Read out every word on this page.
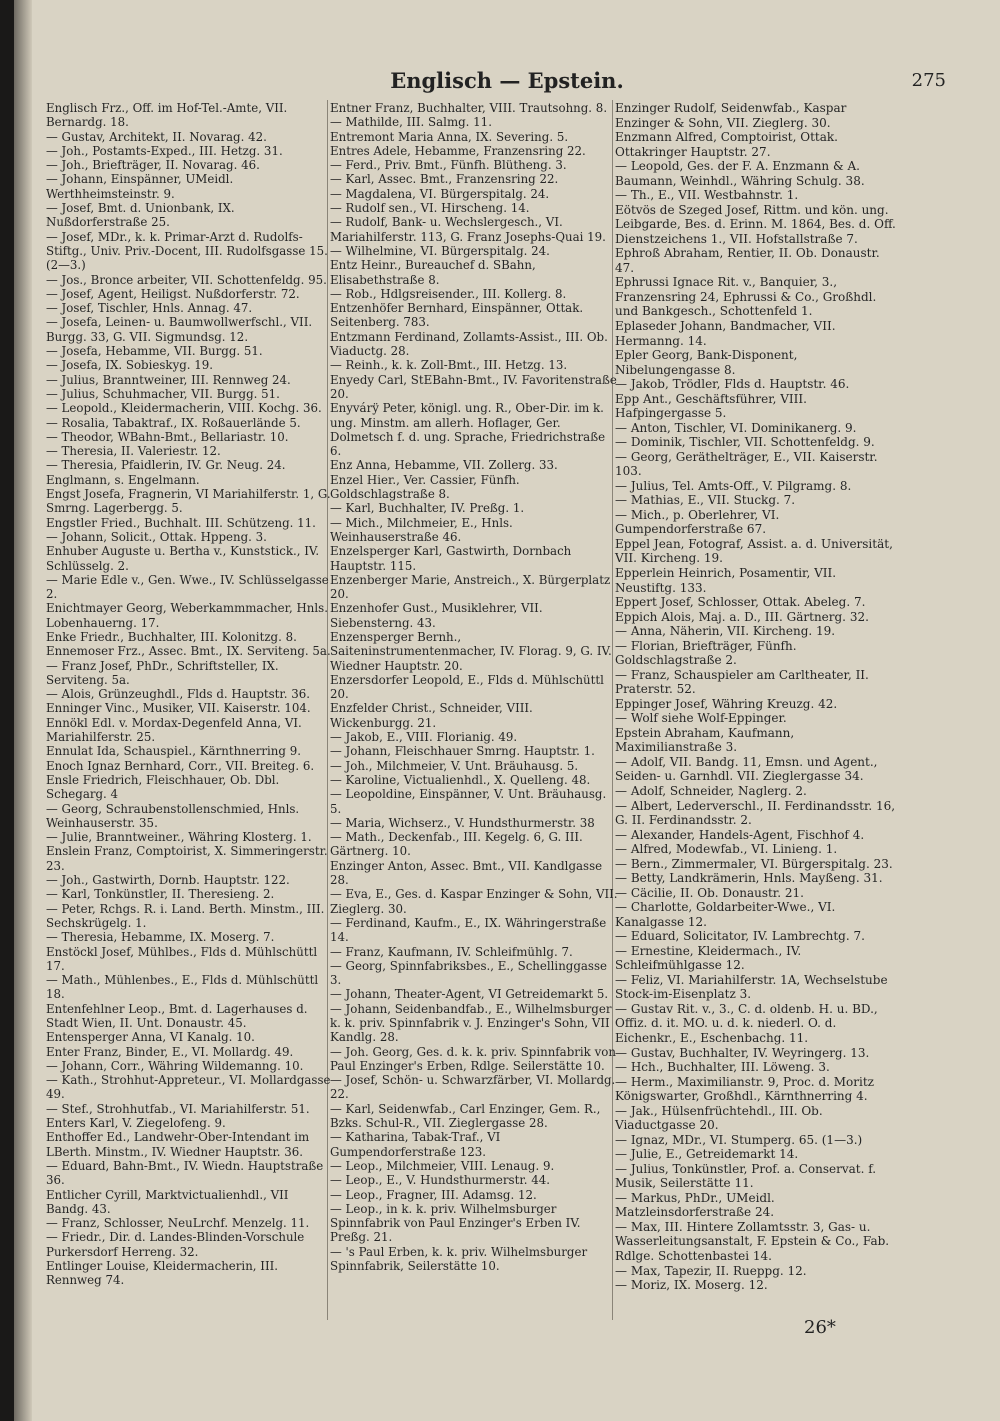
Englisch — Epstein.	275

Englisch Frz., Off. im Hof-Tel.-Amte, VII. Bernardg. 18.

— Gustav, Architekt, II. Novarag. 42.

— Joh., Postamts-Exped., III. Hetzg. 31.

— Joh., Briefträger, II. Novarag. 46.

— Johann, Einspänner, UMeidl. Werthheimsteinstr. 9.

— Josef, Bmt. d. Unionbank, IX. Nußdorferstraße 25.

— Josef, MDr., k. k. Primar-Arzt d. Rudolfs-Stiftg., Univ. Priv.-Docent, III. Rudolfsgasse 15. (2—3.)

— Jos., Bronce arbeiter, VII. Schottenfeldg. 95.

— Josef, Agent, Heiligst. Nußdorferstr. 72.

— Josef, Tischler, Hnls. Annag. 47.

— Josefa, Leinen- u. Baumwollwerfschl., VII. Burgg. 33, G. VII. Sigmundsg. 12.

— Josefa, Hebamme, VII. Burgg. 51.

— Josefa, IX. Sobieskyg. 19.

— Julius, Branntweiner, III. Rennweg 24.

— Julius, Schuhmacher, VII. Burgg. 51.

— Leopold., Kleidermacherin, VIII. Kochg. 36.

— Rosalia, Tabaktraf., IX. Roßauerlände 5.

— Theodor, WBahn-Bmt., Bellariastr. 10.

— Theresia, II. Valeriestr. 12.

— Theresia, Pfaidlerin, IV. Gr. Neug. 24.

Englmann, s. Engelmann.

Engst Josefa, Fragnerin, VI Mariahilferstr. 1, G. Smrng. Lagerbergg. 5.

Engstler Fried., Buchhalt. III. Schützeng. 11.

— Johann, Solicit., Ottak. Hppeng. 3.

Enhuber Auguste u. Bertha v., Kunststick., IV. Schlüsselg. 2.

— Marie Edle v., Gen. Wwe., IV. Schlüsselgasse 2.

Enichtmayer Georg, Weberkammmacher, Hnls. Lobenhauerng. 17.

Enke Friedr., Buchhalter, III. Kolonitzg. 8.

Ennemoser Frz., Assec. Bmt., IX. Serviteng. 5a.

— Franz Josef, PhDr., Schriftsteller, IX. Serviteng. 5a.

— Alois, Grünzeughdl., Flds d. Hauptstr. 36.

Enninger Vinc., Musiker, VII. Kaiserstr. 104.

Ennökl Edl. v. Mordax-Degenfeld Anna, VI. Mariahilferstr. 25.

Ennulat Ida, Schauspiel., Kärnthnerring 9.

Enoch Ignaz Bernhard, Corr., VII. Breiteg. 6.

Ensle Friedrich, Fleischhauer, Ob. Dbl. Schegarg. 4

— Georg, Schraubenstollenschmied, Hnls. Weinhauserstr. 35.

— Julie, Branntweiner., Währing Klosterg. 1.

Enslein Franz, Comptoirist, X. Simmeringerstr. 23.

— Joh., Gastwirth, Dornb. Hauptstr. 122.

— Karl, Tonkünstler, II. Theresieng. 2.

— Peter, Rchgs. R. i. Land. Berth. Minstm., III. Sechskrügelg. 1.

— Theresia, Hebamme, IX. Moserg. 7.

Enstöckl Josef, Mühlbes., Flds d. Mühlschüttl 17.

— Math., Mühlenbes., E., Flds d. Mühlschüttl 18.

Entenfehlner Leop., Bmt. d. Lagerhauses d. Stadt Wien, II. Unt. Donaustr. 45.

Entensperger Anna, VI Kanalg. 10.

Enter Franz, Binder, E., VI. Mollardg. 49.

— Johann, Corr., Währing Wildemanng. 10.

— Kath., Strohhut-Appreteur., VI. Mollardgasse 49.

— Stef., Strohhutfab., VI. Mariahilferstr. 51.

Enters Karl, V. Ziegelofeng. 9.

Enthoffer Ed., Landwehr-Ober-Intendant im LBerth. Minstm., IV. Wiedner Hauptstr. 36.

— Eduard, Bahn-Bmt., IV. Wiedn. Hauptstraße 36.

Entlicher Cyrill, Marktvictualienhdl., VII Bandg. 43.

— Franz, Schlosser, NeuLrchf. Menzelg. 11.

— Friedr., Dir. d. Landes-Blinden-Vorschule Purkersdorf Herreng. 32.

Entlinger Louise, Kleidermacherin, III. Rennweg 74.

Entner Franz, Buchhalter, VIII. Trautsohng. 8.

— Mathilde, III. Salmg. 11.

Entremont Maria Anna, IX. Severing. 5.

Entres Adele, Hebamme, Franzensring 22.

— Ferd., Priv. Bmt., Fünfh. Blütheng. 3.

— Karl, Assec. Bmt., Franzensring 22.

— Magdalena, VI. Bürgerspitalg. 24.

— Rudolf sen., VI. Hirscheng. 14.

— Rudolf, Bank- u. Wechslergesch., VI. Mariahilferstr. 113, G. Franz Josephs-Quai 19.

— Wilhelmine, VI. Bürgerspitalg. 24.

Entz Heinr., Bureauchef d. SBahn, Elisabethstraße 8.

— Rob., Hdlgsreisender., III. Kollerg. 8.

Entzenhöfer Bernhard, Einspänner, Ottak. Seitenberg. 783.

Entzmann Ferdinand, Zollamts-Assist., III. Ob. Viaductg. 28.

— Reinh., k. k. Zoll-Bmt., III. Hetzg. 13.

Enyedy Carl, StEBahn-Bmt., IV. Favoritenstraße 20.

Enyvárÿ Peter, königl. ung. R., Ober-Dir. im k. ung. Minstm. am allerh. Hoflager, Ger. Dolmetsch f. d. ung. Sprache, Friedrichstraße 6.

Enz Anna, Hebamme, VII. Zollerg. 33.

Enzel Hier., Ver. Cassier, Fünfh. Goldschlagstraße 8.

— Karl, Buchhalter, IV. Preßg. 1.

— Mich., Milchmeier, E., Hnls. Weinhauserstraße 46.

Enzelsperger Karl, Gastwirth, Dornbach Hauptstr. 115.

Enzenberger Marie, Anstreich., X. Bürgerplatz 20.

Enzenhofer Gust., Musiklehrer, VII. Siebensterng. 43.

Enzensperger Bernh., Saiteninstrumentenmacher, IV. Florag. 9, G. IV. Wiedner Hauptstr. 20.

Enzersdorfer Leopold, E., Flds d. Mühlschüttl 20.

Enzfelder Christ., Schneider, VIII. Wickenburgg. 21.

— Jakob, E., VIII. Florianig. 49.

— Johann, Fleischhauer Smrng. Hauptstr. 1.

— Joh., Milchmeier, V. Unt. Bräuhausg. 5.

— Karoline, Victualienhdl., X. Quelleng. 48.

— Leopoldine, Einspänner, V. Unt. Bräuhausg. 5.

— Maria, Wichserz., V. Hundsthurmerstr. 38

— Math., Deckenfab., III. Kegelg. 6, G. III. Gärtnerg. 10.

Enzinger Anton, Assec. Bmt., VII. Kandlgasse 28.

— Eva, E., Ges. d. Kaspar Enzinger & Sohn, VII. Zieglerg. 30.

— Ferdinand, Kaufm., E., IX. Währingerstraße 14.

— Franz, Kaufmann, IV. Schleifmühlg. 7.

— Georg, Spinnfabriksbes., E., Schellinggasse 3.

— Johann, Theater-Agent, VI Getreidemarkt 5.

— Johann, Seidenbandfab., E., Wilhelmsburger k. k. priv. Spinnfabrik v. J. Enzinger's Sohn, VII Kandlg. 28.

— Joh. Georg, Ges. d. k. k. priv. Spinnfabrik von Paul Enzinger's Erben, Rdlge. Seilerstätte 10.

— Josef, Schön- u. Schwarzfärber, VI. Mollardg. 22.

— Karl, Seidenwfab., Carl Enzinger, Gem. R., Bzks. Schul-R., VII. Zieglergasse 28.

— Katharina, Tabak-Traf., VI Gumpendorferstraße 123.

— Leop., Milchmeier, VIII. Lenaug. 9.

— Leop., E., V. Hundsthurmerstr. 44.

— Leop., Fragner, III. Adamsg. 12.

— Leop., in k. k. priv. Wilhelmsburger Spinnfabrik von Paul Enzinger's Erben IV. Preßg. 21.

— 's Paul Erben, k. k. priv. Wilhelmsburger Spinnfabrik, Seilerstätte 10.

Enzinger Rudolf, Seidenwfab., Kaspar Enzinger & Sohn, VII. Zieglerg. 30.

Enzmann Alfred, Comptoirist, Ottak. Ottakringer Hauptstr. 27.

— Leopold, Ges. der F. A. Enzmann & A. Baumann, Weinhdl., Währing Schulg. 38.

— Th., E., VII. Westbahnstr. 1.

Eötvös de Szeged Josef, Rittm. und kön. ung. Leibgarde, Bes. d. Erinn. M. 1864, Bes. d. Off. Dienstzeichens 1., VII. Hofstallstraße 7.

Ephroß Abraham, Rentier, II. Ob. Donaustr. 47.

Ephrussi Ignace Rit. v., Banquier, 3., Franzensring 24, Ephrussi & Co., Großhdl. und Bankgesch., Schottenfeld 1.

Eplaseder Johann, Bandmacher, VII. Hermanng. 14.

Epler Georg, Bank-Disponent, Nibelungengasse 8.

— Jakob, Trödler, Flds d. Hauptstr. 46.

Epp Ant., Geschäftsführer, VIII. Hafpingergasse 5.

— Anton, Tischler, VI. Dominikanerg. 9.

— Dominik, Tischler, VII. Schottenfeldg. 9.

— Georg, Geräthelträger, E., VII. Kaiserstr. 103.

— Julius, Tel. Amts-Off., V. Pilgramg. 8.

— Mathias, E., VII. Stuckg. 7.

— Mich., p. Oberlehrer, VI. Gumpendorferstraße 67.

Eppel Jean, Fotograf, Assist. a. d. Universität, VII. Kircheng. 19.

Epperlein Heinrich, Posamentir, VII. Neustiftg. 133.

Eppert Josef, Schlosser, Ottak. Abeleg. 7.

Eppich Alois, Maj. a. D., III. Gärtnerg. 32.

— Anna, Näherin, VII. Kircheng. 19.

— Florian, Briefträger, Fünfh. Goldschlagstraße 2.

— Franz, Schauspieler am Carltheater, II. Praterstr. 52.

Eppinger Josef, Währing Kreuzg. 42.

— Wolf siehe Wolf-Eppinger.

Epstein Abraham, Kaufmann, Maximilianstraße 3.

— Adolf, VII. Bandg. 11, Emsn. und Agent., Seiden- u. Garnhdl. VII. Zieglergasse 34.

— Adolf, Schneider, Naglerg. 2.

— Albert, Lederverschl., II. Ferdinandsstr. 16, G. II. Ferdinandsstr. 2.

— Alexander, Handels-Agent, Fischhof 4.

— Alfred, Modewfab., VI. Linieng. 1.

— Bern., Zimmermaler, VI. Bürgerspitalg. 23.

— Betty, Landkrämerin, Hnls. Mayßeng. 31.

— Cäcilie, II. Ob. Donaustr. 21.

— Charlotte, Goldarbeiter-Wwe., VI. Kanalgasse 12.

— Eduard, Solicitator, IV. Lambrechtg. 7.

— Ernestine, Kleidermach., IV. Schleifmühlgasse 12.

— Feliz, VI. Mariahilferstr. 1A, Wechselstube Stock-im-Eisenplatz 3.

— Gustav Rit. v., 3., C. d. oldenb. H. u. BD., Offiz. d. it. MO. u. d. k. niederl. O. d. Eichenkr., E., Eschenbachg. 11.

— Gustav, Buchhalter, IV. Weyringerg. 13.

— Hch., Buchhalter, III. Löweng. 3.

— Herm., Maximilianstr. 9, Proc. d. Moritz Königswarter, Großhdl., Kärnthnerring 4.

— Jak., Hülsenfrüchtehdl., III. Ob. Viaductgasse 20.

— Ignaz, MDr., VI. Stumperg. 65. (1—3.)

— Julie, E., Getreidemarkt 14.

— Julius, Tonkünstler, Prof. a. Conservat. f. Musik, Seilerstätte 11.

— Markus, PhDr., UMeidl. Matzleinsdorferstraße 24.

— Max, III. Hintere Zollamtsstr. 3, Gas- u. Wasserleitungsanstalt, F. Epstein & Co., Fab. Rdlge. Schottenbastei 14.

— Max, Tapezir, II. Rueppg. 12.

— Moriz, IX. Moserg. 12.

26*
